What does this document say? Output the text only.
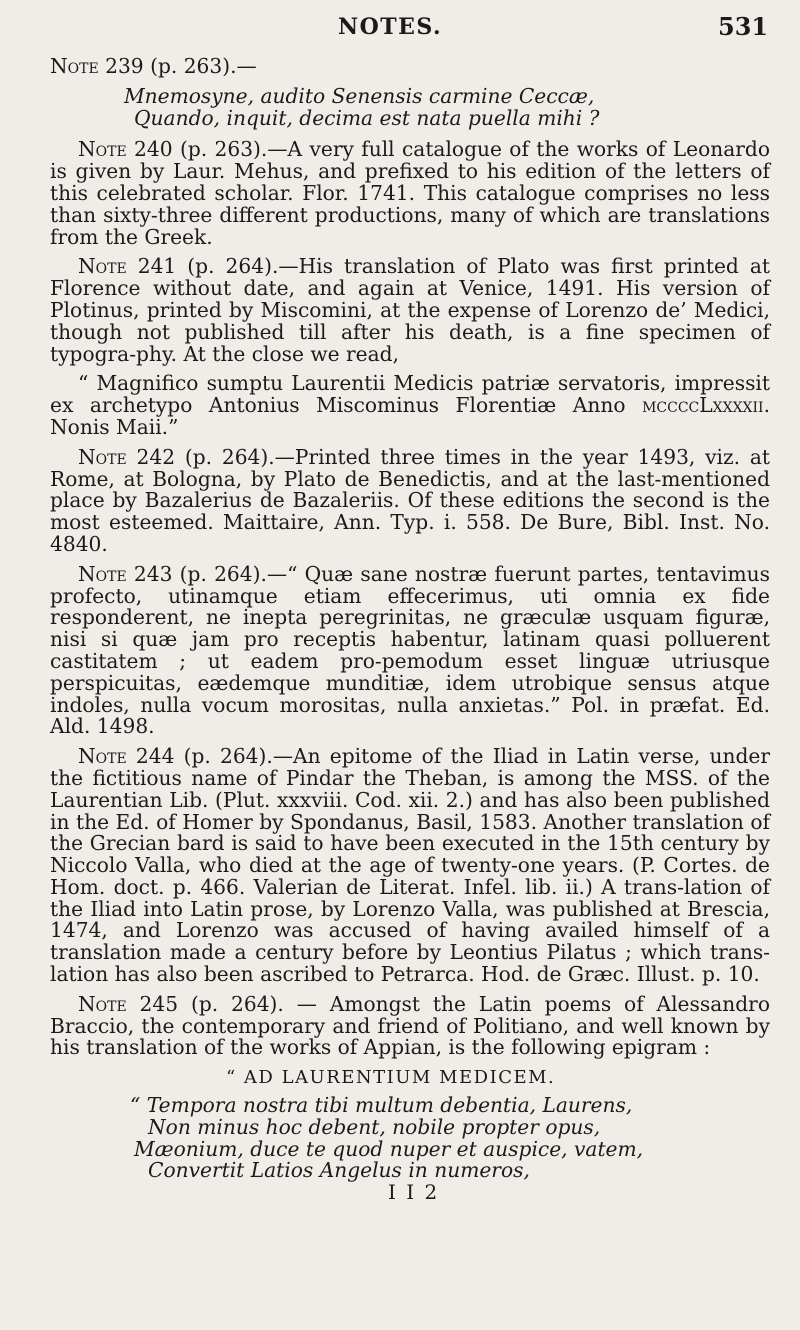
NOTES.	531

Note 239 (p. 263).—

Mnemosyne, audito Senensis carmine Ceccæ,
Quando, inquit, decima est nata puella mihi ?

Note 240 (p. 263).—A very full catalogue of the works of Leonardo is given by Laur. Mehus, and prefixed to his edition of the letters of this celebrated scholar. Flor. 1741. This catalogue comprises no less than sixty-three different productions, many of which are translations from the Greek.

Note 241 (p. 264).—His translation of Plato was first printed at Florence without date, and again at Venice, 1491. His version of Plotinus, printed by Miscomini, at the expense of Lorenzo de’ Medici, though not published till after his death, is a fine specimen of typogra-phy. At the close we read,

“ Magnifico sumptu Laurentii Medicis patriæ servatoris, impressit ex archetypo Antonius Miscominus Florentiæ Anno mccccLxxxxii. Nonis Maii.”

Note 242 (p. 264).—Printed three times in the year 1493, viz. at Rome, at Bologna, by Plato de Benedictis, and at the last-mentioned place by Bazalerius de Bazaleriis. Of these editions the second is the most esteemed. Maittaire, Ann. Typ. i. 558. De Bure, Bibl. Inst. No. 4840.

Note 243 (p. 264).—“ Quæ sane nostræ fuerunt partes, tentavimus profecto, utinamque etiam effecerimus, uti omnia ex fide responderent, ne inepta peregrinitas, ne græculæ usquam figuræ, nisi si quæ jam pro receptis habentur, latinam quasi polluerent castitatem ; ut eadem pro-pemodum esset linguæ utriusque perspicuitas, eædemque munditiæ, idem utrobique sensus atque indoles, nulla vocum morositas, nulla anxietas.” Pol. in præfat. Ed. Ald. 1498.

Note 244 (p. 264).—An epitome of the Iliad in Latin verse, under the fictitious name of Pindar the Theban, is among the MSS. of the Laurentian Lib. (Plut. xxxviii. Cod. xii. 2.) and has also been published in the Ed. of Homer by Spondanus, Basil, 1583. Another translation of the Grecian bard is said to have been executed in the 15th century by Niccolo Valla, who died at the age of twenty-one years. (P. Cortes. de Hom. doct. p. 466. Valerian de Literat. Infel. lib. ii.) A trans-lation of the Iliad into Latin prose, by Lorenzo Valla, was published at Brescia, 1474, and Lorenzo was accused of having availed himself of a translation made a century before by Leontius Pilatus ; which trans-lation has also been ascribed to Petrarca. Hod. de Græc. Illust. p. 10.

Note 245 (p. 264). — Amongst the Latin poems of Alessandro Braccio, the contemporary and friend of Politiano, and well known by his translation of the works of Appian, is the following epigram :

“ AD LAURENTIUM MEDICEM.
“ Tempora nostra tibi multum debentia, Laurens,
Non minus hoc debent, nobile propter opus,
Mæonium, duce te quod nuper et auspice, vatem,
Convertit Latios Angelus in numeros,
I I 2
